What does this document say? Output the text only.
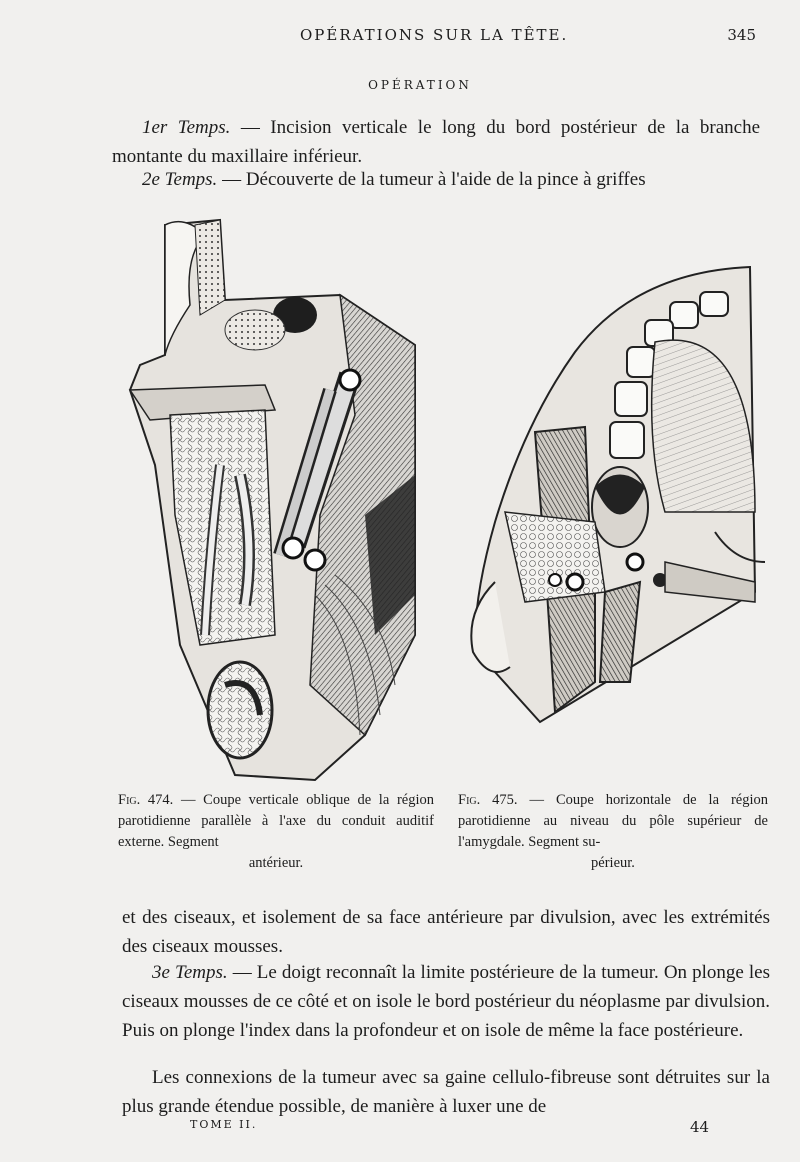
OPÉRATIONS SUR LA TÊTE.	345
OPÉRATION
1er Temps. — Incision verticale le long du bord postérieur de la branche montante du maxillaire inférieur.
2e Temps. — Découverte de la tumeur à l'aide de la pince à griffes
Fig. 474. — Coupe verticale oblique de la région parotidienne parallèle à l'axe du conduit auditif externe. Segment
antérieur.
Fig. 475. — Coupe horizontale de la région parotidienne au niveau du pôle supérieur de l'amygdale. Segment su-
périeur.
et des ciseaux, et isolement de sa face antérieure par divulsion, avec les extrémités des ciseaux mousses.
3e Temps. — Le doigt reconnaît la limite postérieure de la tumeur. On plonge les ciseaux mousses de ce côté et on isole le bord postérieur du néoplasme par divulsion. Puis on plonge l'index dans la profondeur et on isole de même la face postérieure.
Les connexions de la tumeur avec sa gaine cellulo-fibreuse sont détruites sur la plus grande étendue possible, de manière à luxer une de
TOME II.	44
